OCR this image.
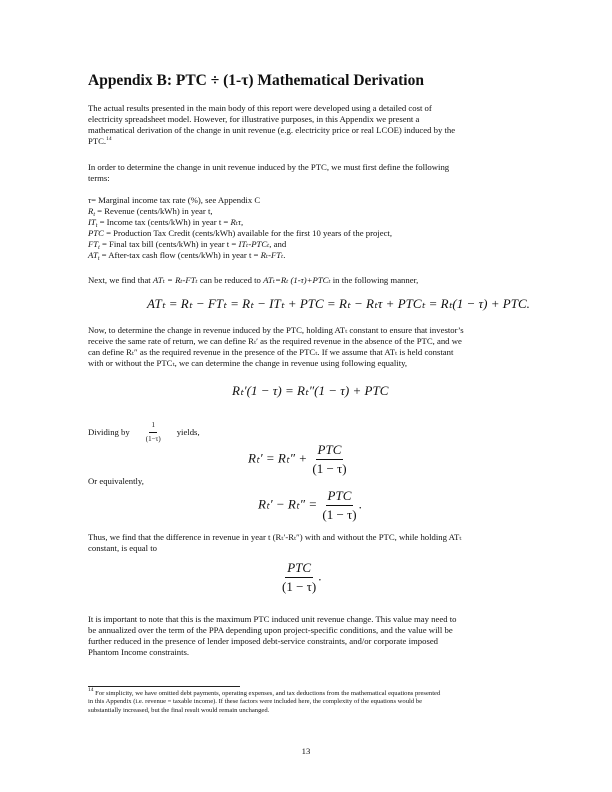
Appendix B: PTC ÷ (1-τ) Mathematical Derivation
The actual results presented in the main body of this report were developed using a detailed cost of
electricity spreadsheet model. However, for illustrative purposes, in this Appendix we present a
mathematical derivation of the change in unit revenue (e.g. electricity price or real LCOE) induced by the
PTC.$^{14}$
In order to determine the change in unit revenue induced by the PTC, we must first define the following
terms:
τ= Marginal income tax rate (%), see Appendix C
$R_t$ = Revenue (cents/kWh) in year t,
$IT_t$ = Income tax (cents/kWh) in year t = Rₜτ,
PTC = Production Tax Credit (cents/kWh) available for the first 10 years of the project,
$FT_t$ = Final tax bill (cents/kWh) in year t = ITₜ-PTCₜ, and
$AT_t$ = After-tax cash flow (cents/kWh) in year t = Rₜ-FTₜ.
Next, we find that ATₜ = Rₜ-FTₜ can be reduced to ATₜ=Rₜ (1-τ)+PTCₜ in the following manner,
ATₜ = Rₜ − FTₜ = Rₜ − ITₜ + PTC = Rₜ − Rₜτ + PTCₜ = Rₜ(1 − τ) + PTC.
Now, to determine the change in revenue induced by the PTC, holding ATₜ constant to ensure that investor’s
receive the same rate of return, we can define Rₜ′ as the required revenue in the absence of the PTC, and we
can define Rₜ″ as the required revenue in the presence of the PTCₜ. If we assume that ATₜ is held constant
with or without the PTCₜ, we can determine the change in revenue using following equality,
Rₜ′(1 − τ) = Rₜ″(1 − τ) + PTC
Dividing by $\frac{1}{(1-\tau)}$ yields,
$R_t' = R_t'' + \frac{\text{PTC}}{(1 - \tau)}$
Or equivalently,
$R_t' - R_t'' = \frac{\text{PTC}}{(1 - \tau)}$ .
Thus, we find that the difference in revenue in year t (Rₜ′-Rₜ″) with and without the PTC, while holding ATₜ
constant, is equal to
$\frac{\text{PTC}}{(1 - \tau)}$ .
It is important to note that this is the maximum PTC induced unit revenue change. This value may need to
be annualized over the term of the PPA depending upon project-specific conditions, and the value will be
further reduced in the presence of lender imposed debt-service constraints, and/or corporate imposed
Phantom Income constraints.
$^{14}$ For simplicity, we have omitted debt payments, operating expenses, and tax deductions from the mathematical equations presented
in this Appendix (i.e. revenue = taxable income). If these factors were included here, the complexity of the equations would be
substantially increased, but the final result would remain unchanged.
13
